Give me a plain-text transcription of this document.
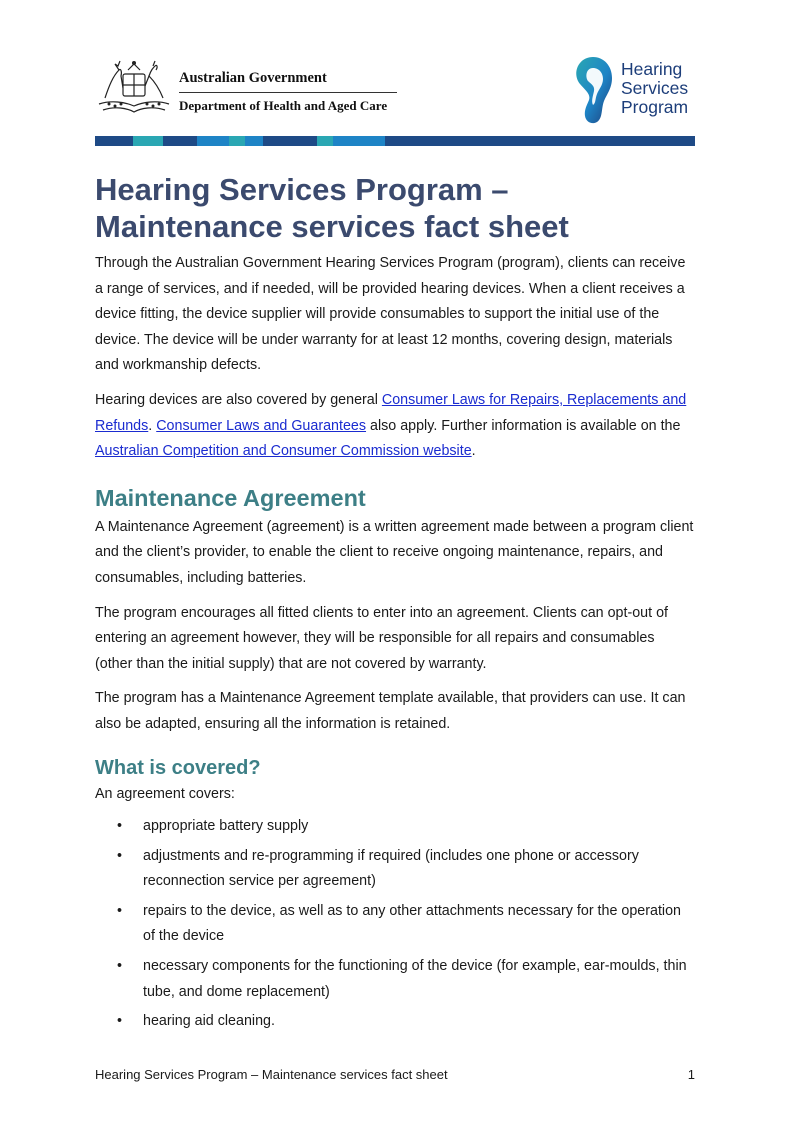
Australian Government
Department of Health and Aged Care
Hearing
Services
Program
Hearing Services Program –
Maintenance services fact sheet

Through the Australian Government Hearing Services Program (program), clients can receive a range of services, and if needed, will be provided hearing devices. When a client receives a device fitting, the device supplier will provide consumables to support the initial use of the device. The device will be under warranty for at least 12 months, covering design, materials and workmanship defects.

Hearing devices are also covered by general Consumer Laws for Repairs, Replacements and Refunds. Consumer Laws and Guarantees also apply. Further information is available on the Australian Competition and Consumer Commission website.

Maintenance Agreement

A Maintenance Agreement (agreement) is a written agreement made between a program client and the client’s provider, to enable the client to receive ongoing maintenance, repairs, and consumables, including batteries.

The program encourages all fitted clients to enter into an agreement. Clients can opt-out of entering an agreement however, they will be responsible for all repairs and consumables (other than the initial supply) that are not covered by warranty.

The program has a Maintenance Agreement template available, that providers can use. It can also be adapted, ensuring all the information is retained.

What is covered?

An agreement covers:

• appropriate battery supply
• adjustments and re-programming if required (includes one phone or accessory reconnection service per agreement)
• repairs to the device, as well as to any other attachments necessary for the operation of the device
• necessary components for the functioning of the device (for example, ear-moulds, thin tube, and dome replacement)
• hearing aid cleaning.
Hearing Services Program – Maintenance services fact sheet	1
